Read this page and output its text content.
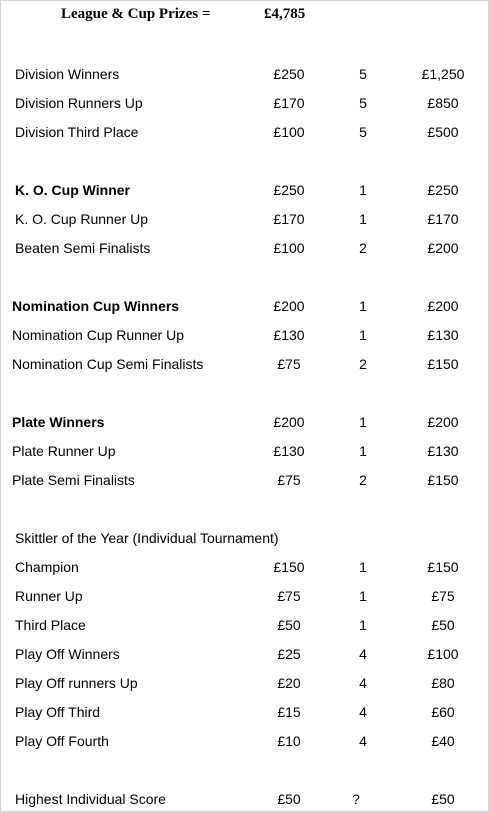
League & Cup Prizes =	£4,785
Division Winners	£250	5	£1,250
Division Runners Up	£170	5	£850
Division Third Place	£100	5	£500
K. O. Cup Winner	£250	1	£250
K. O. Cup Runner Up	£170	1	£170
Beaten Semi Finalists	£100	2	£200
Nomination Cup Winners	£200	1	£200
Nomination Cup Runner Up	£130	1	£130
Nomination Cup Semi Finalists	£75	2	£150
Plate Winners	£200	1	£200
Plate Runner Up	£130	1	£130
Plate Semi Finalists	£75	2	£150
Skittler of the Year (Individual Tournament)
Champion	£150	1	£150
Runner Up	£75	1	£75
Third Place	£50	1	£50
Play Off Winners	£25	4	£100
Play Off runners Up	£20	4	£80
Play Off Third	£15	4	£60
Play Off Fourth	£10	4	£40
Highest Individual Score	£50	?	£50
